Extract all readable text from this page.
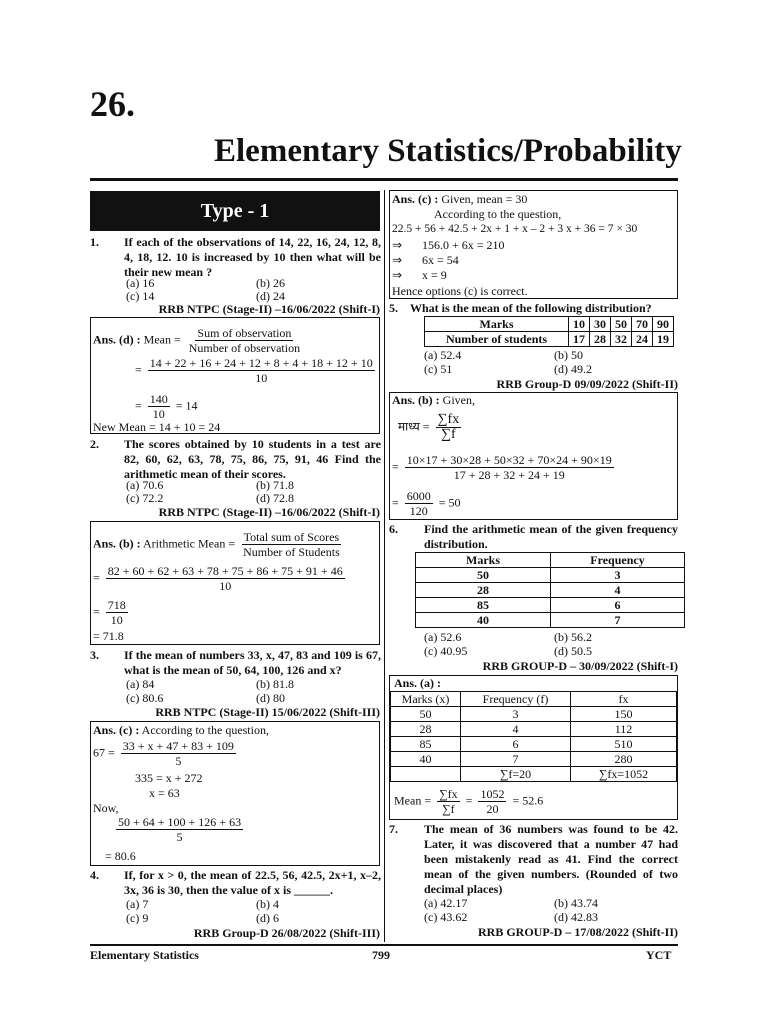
26.
Elementary Statistics/Probability
Type - 1
1. If each of the observations of 14, 22, 16, 24, 12, 8, 4, 18, 12. 10 is increased by 10 then what will be their new mean ?
(a) 16	(b) 26
(c) 14	(d) 24
RRB NTPC (Stage-II) –16/06/2022 (Shift-I)
Ans. (d) : Mean = $\frac{\text{Sum of observation}}{\text{Number of observation}}$
= $\frac{14 + 22 + 16 + 24 + 12 + 8 + 4 + 18 + 12 + 10}{10}$
= $\frac{140}{10} = 14$
New Mean = 14 + 10 = 24
2. The scores obtained by 10 students in a test are 82, 60, 62, 63, 78, 75, 86, 75, 91, 46 Find the arithmetic mean of their scores.
(a) 70.6	(b) 71.8
(c) 72.2	(d) 72.8
RRB NTPC (Stage-II) –16/06/2022 (Shift-I)
Ans. (b) : Arithmetic Mean = $\frac{\text{Total sum of Scores}}{\text{Number of Students}}$
= $\frac{82 + 60 + 62 + 63 + 78 + 75 + 86 + 75 + 91 + 46}{10}$
= $\frac{718}{10}$
= 71.8
3. If the mean of numbers 33, x, 47, 83 and 109 is 67, what is the mean of 50, 64, 100, 126 and x?
(a) 84	(b) 81.8
(c) 80.6	(d) 80
RRB NTPC (Stage-II) 15/06/2022 (Shift-III)
Ans. (c) : According to the question,
$67 = \frac{33 + x + 47 + 83 + 109}{5}$
335 = x + 272
x = 63
Now,
$\frac{50 + 64 + 100 + 126 + 63}{5}$
= 80.6
4. If, for x > 0, the mean of 22.5, 56, 42.5, 2x+1, x–2, 3x, 36 is 30, then the value of x is ______.
(a) 7	(b) 4
(c) 9	(d) 6
RRB Group-D 26/08/2022 (Shift-III)
Ans. (c) : Given, mean = 30
According to the question,
22.5 + 56 + 42.5 + 2x + 1 + x – 2 + 3 x + 36 = 7 × 30
⇒ 156.0 + 6x = 210
⇒ 6x = 54
⇒ x = 9
Hence options (c) is correct.
5. What is the mean of the following distribution?
Marks	10	30	50	70	90
Number of students	17	28	32	24	19
(a) 52.4	(b) 50
(c) 51	(d) 49.2
RRB Group-D 09/09/2022 (Shift-II)
Ans. (b) : Given,
माध्य = $\frac{\sum fx}{\sum f}$
= $\frac{10\times 17 + 30\times 28 + 50\times 32 + 70\times 24 + 90\times 19}{17 + 28 + 32 + 24 + 19}$
= $\frac{6000}{120} = 50$
6. Find the arithmetic mean of the given frequency distribution.
Marks	Frequency
50	3
28	4
85	6
40	7
(a) 52.6	(b) 56.2
(c) 40.95	(d) 50.5
RRB GROUP-D – 30/09/2022 (Shift-I)
Ans. (a) :
Marks (x)	Frequency (f)	fx
50	3	150
28	4	112
85	6	510
40	7	280
	∑f=20	∑fx=1052
Mean = $\frac{\sum fx}{\sum f} = \frac{1052}{20} = 52.6$
7. The mean of 36 numbers was found to be 42. Later, it was discovered that a number 47 had been mistakenly read as 41. Find the correct mean of the given numbers. (Rounded of two decimal places)
(a) 42.17	(b) 43.74
(c) 43.62	(d) 42.83
RRB GROUP-D – 17/08/2022 (Shift-II)
Elementary Statistics	799	YCT
